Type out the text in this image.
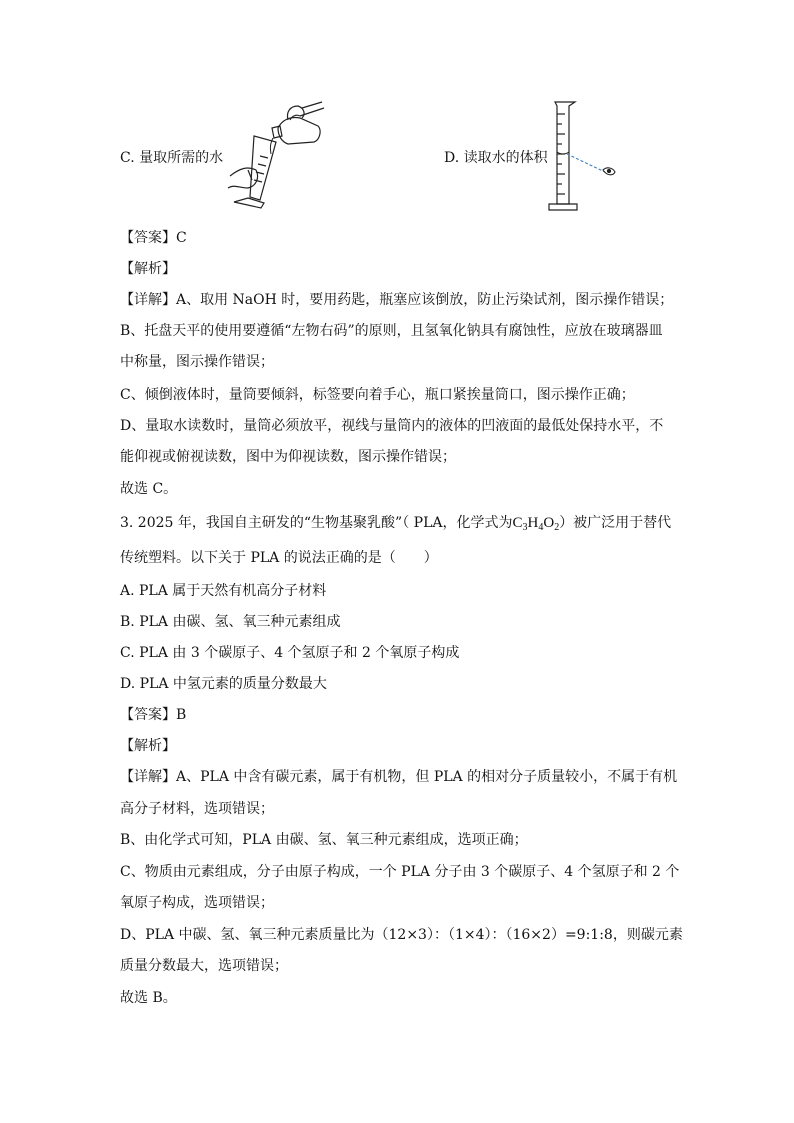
C. 量取所需的水	D. 读取水的体积
【答案】C
【解析】
【详解】A、取用 NaOH 时，要用药匙，瓶塞应该倒放，防止污染试剂，图示操作错误；
B、托盘天平的使用要遵循“左物右码”的原则，且氢氧化钠具有腐蚀性，应放在玻璃器皿
中称量，图示操作错误；
C、倾倒液体时，量筒要倾斜，标签要向着手心，瓶口紧挨量筒口，图示操作正确；
D、量取水读数时，量筒必须放平，视线与量筒内的液体的凹液面的最低处保持水平，不
能仰视或俯视读数，图中为仰视读数，图示操作错误；
故选 C。
3. 2025 年，我国自主研发的“生物基聚乳酸”（ PLA，化学式为$C_3H_4O_2$）被广泛用于替代
传统塑料。以下关于 PLA 的说法正确的是（　　）
A. PLA 属于天然有机高分子材料
B. PLA 由碳、氢、氧三种元素组成
C. PLA 由 3 个碳原子、4 个氢原子和 2 个氧原子构成
D. PLA 中氢元素的质量分数最大
【答案】B
【解析】
【详解】A、PLA 中含有碳元素，属于有机物，但 PLA 的相对分子质量较小，不属于有机
高分子材料，选项错误；
B、由化学式可知，PLA 由碳、氢、氧三种元素组成，选项正确；
C、物质由元素组成，分子由原子构成，一个 PLA 分子由 3 个碳原子、4 个氢原子和 2 个
氧原子构成，选项错误；
D、PLA 中碳、氢、氧三种元素质量比为（12×3）：（1×4）：（16×2）=9:1:8，则碳元素
质量分数最大，选项错误；
故选 B。
